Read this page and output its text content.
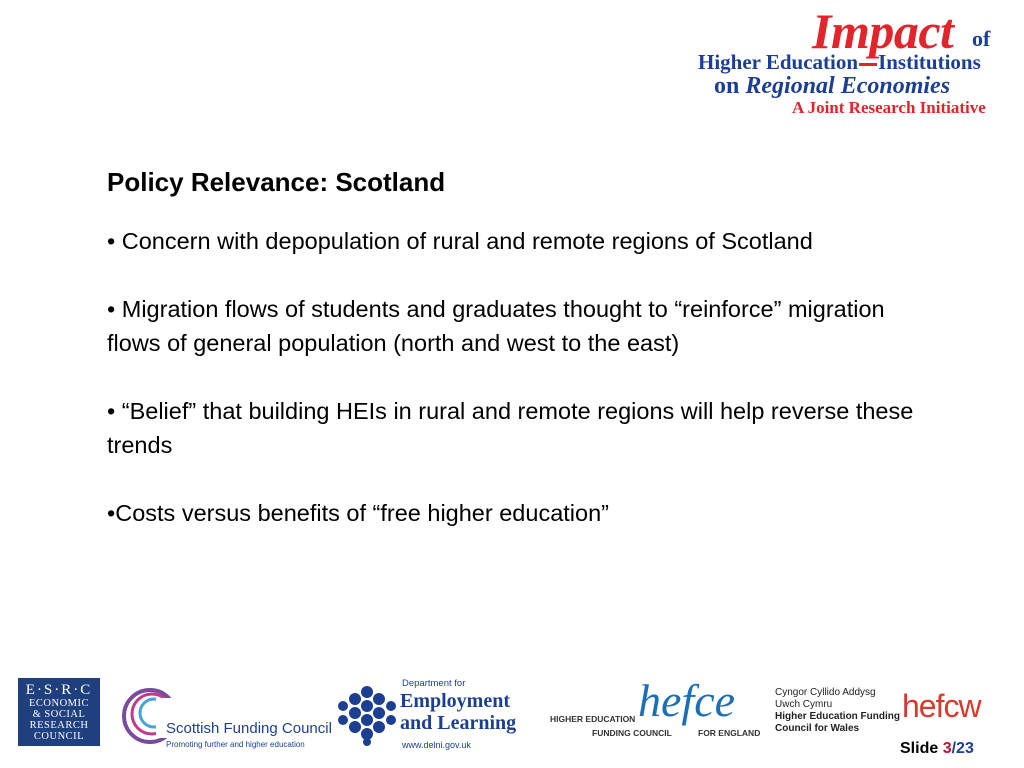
Impact of
Higher Education Institutions
on Regional Economies
A Joint Research Initiative
Policy Relevance: Scotland
• Concern with depopulation of rural and remote regions of Scotland
• Migration flows of students and graduates thought to “reinforce” migration flows of general population (north and west to the east)
• “Belief” that building HEIs in rural and remote regions will help reverse these trends
•Costs versus benefits of “free higher education”
E·S·R·C
ECONOMIC
& SOCIAL
RESEARCH
COUNCIL	Scottish Funding Council
Promoting further and higher education
Department for
Employment
and Learning
www.delni.gov.uk
HIGHER EDUCATION hefce
FUNDING COUNCIL	FOR ENGLAND
Cyngor Cyllido Addysg
Uwch Cymru
Higher Education Funding
Council for Wales
hefcw
Slide 3/23
